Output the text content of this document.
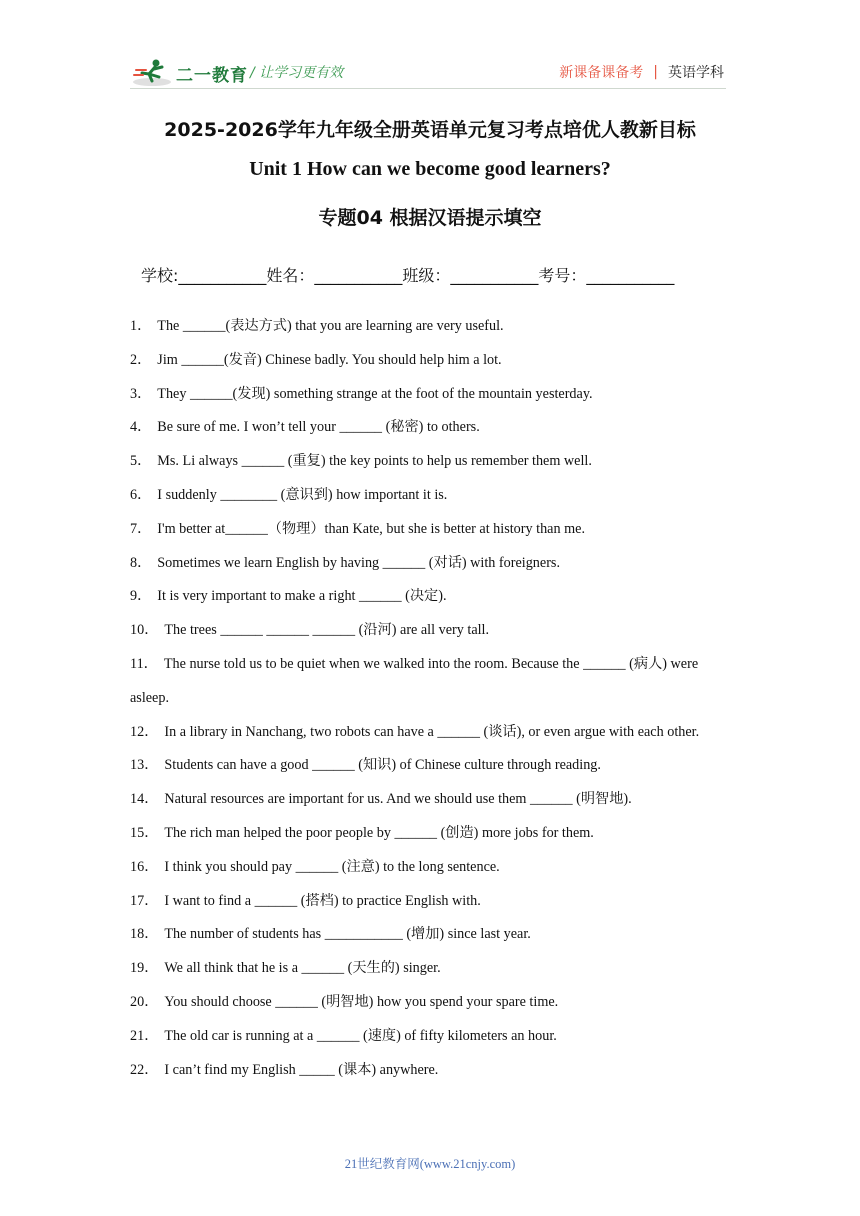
二一教育 / 让学习更有效	新课备课备考 | 英语学科
2025-2026学年九年级全册英语单元复习考点培优人教新目标
Unit 1 How can we become good learners?
专题04 根据汉语提示填空
学校:___________姓名：___________班级：___________考号：___________
1． The ______(表达方式) that you are learning are very useful.
2． Jim ______(发音) Chinese badly. You should help him a lot.
3． They ______(发现) something strange at the foot of the mountain yesterday.
4． Be sure of me. I won’t tell your ______ (秘密) to others.
5． Ms. Li always ______ (重复) the key points to help us remember them well.
6． I suddenly ________ (意识到) how important it is.
7． I'm better at______（物理）than Kate, but she is better at history than me.
8． Sometimes we learn English by having ______ (对话) with foreigners.
9． It is very important to make a right ______ (决定).
10． The trees ______ ______ ______ (沿河) are all very tall.
11． The nurse told us to be quiet when we walked into the room. Because the ______ (病人) were asleep.
12． In a library in Nanchang, two robots can have a ______ (谈话), or even argue with each other.
13． Students can have a good ______ (知识) of Chinese culture through reading.
14． Natural resources are important for us. And we should use them ______ (明智地).
15． The rich man helped the poor people by ______ (创造) more jobs for them.
16． I think you should pay ______ (注意) to the long sentence.
17． I want to find a ______ (搭档) to practice English with.
18． The number of students has ___________ (增加) since last year.
19． We all think that he is a ______ (天生的) singer.
20． You should choose ______ (明智地) how you spend your spare time.
21． The old car is running at a ______ (速度) of fifty kilometers an hour.
22． I can’t find my English _____ (课本) anywhere.
21世纪教育网(www.21cnjy.com)
